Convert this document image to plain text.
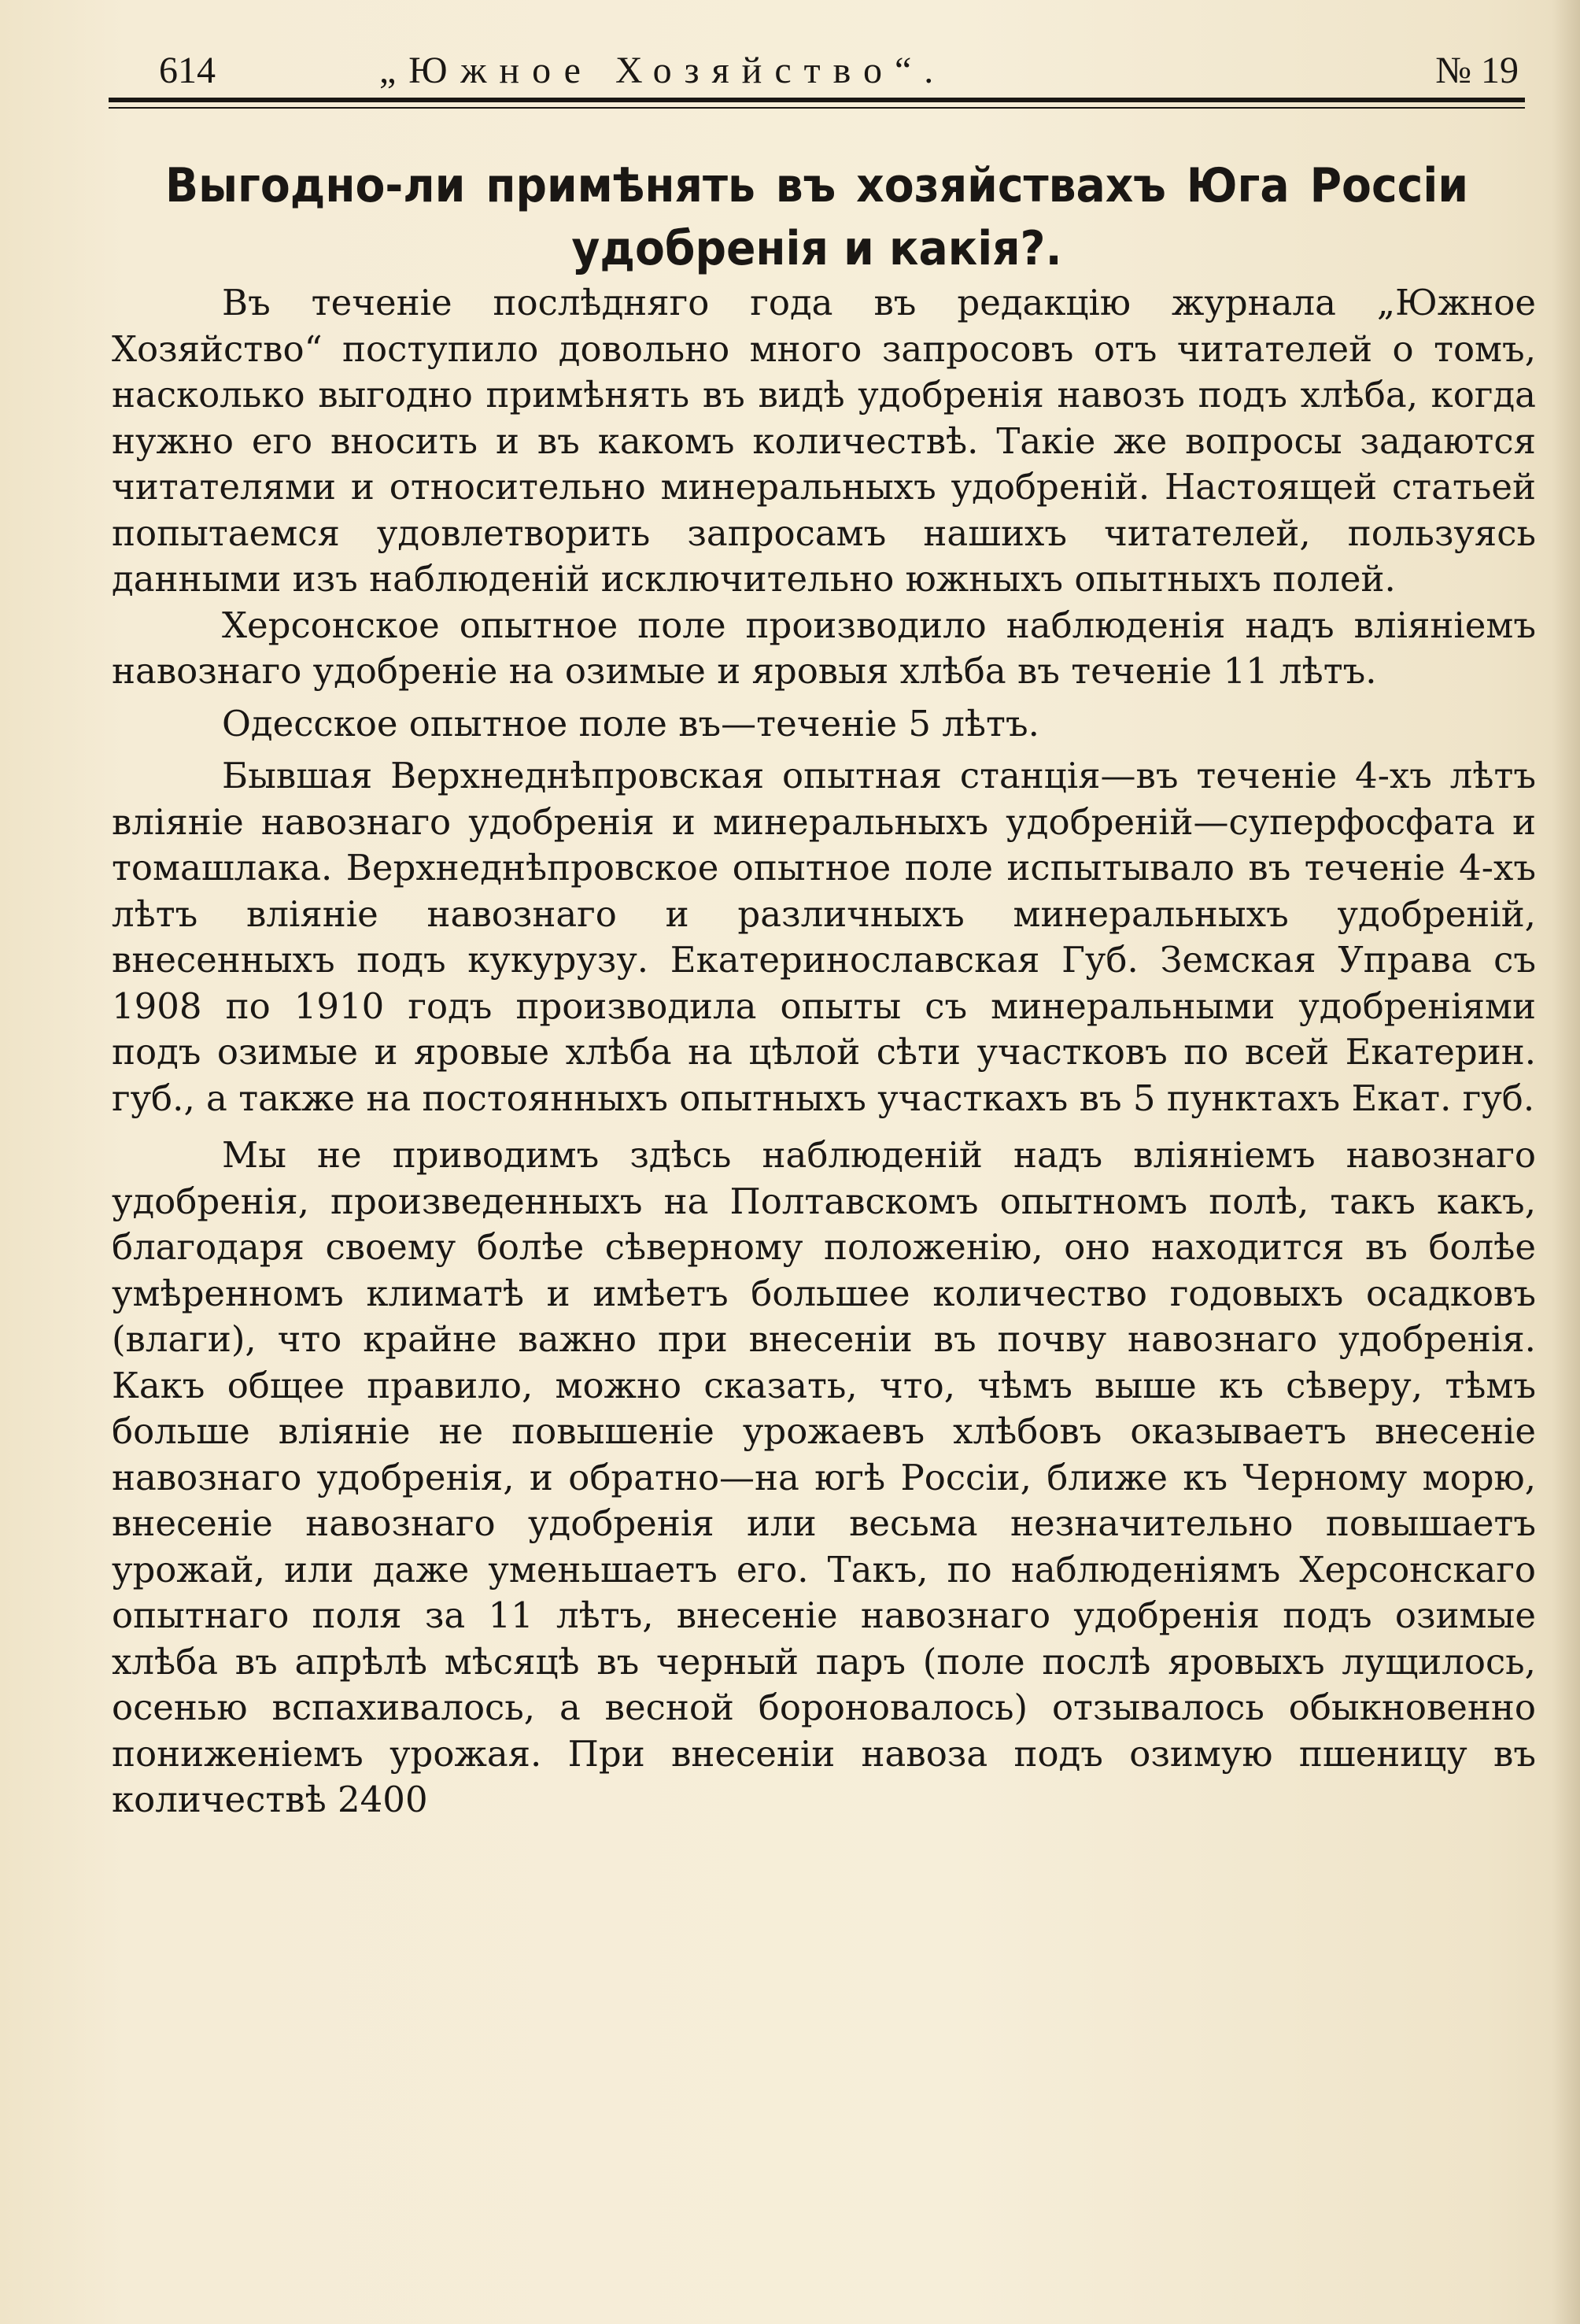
614	„Южное Хозяйство“.	№ 19
Выгодно-ли примѣнять въ хозяйствахъ Юга Россiи
удобренiя и какiя?.

Въ теченiе послѣдняго года въ редакцiю журнала „Южное Хозяйство“ поступило довольно много запросовъ отъ читателей о томъ, насколько выгодно примѣнять въ видѣ удобренiя навозъ подъ хлѣба, когда нужно его вносить и въ какомъ количествѣ. Такiе же вопросы задаются читателями и относительно минеральныхъ удобренiй. Настоящей статьей попытаемся удовлетворить запросамъ нашихъ читателей, пользуясь данными изъ наблюденiй исключительно южныхъ опытныхъ полей.

Херсонское опытное поле производило наблюденiя надъ влiянiемъ навознаго удобренiе на озимые и яровыя хлѣба въ теченiе 11 лѣтъ.

Одесское опытное поле въ—теченiе 5 лѣтъ.

Бывшая Верхнеднѣпровская опытная станцiя—въ теченiе 4-хъ лѣтъ влiянiе навознаго удобренiя и минеральныхъ удобренiй—суперфосфата и томашлака. Верхнеднѣпровское опытное поле испытывало въ теченiе 4-хъ лѣтъ влiянiе навознаго и различныхъ минеральныхъ удобренiй, внесенныхъ подъ кукурузу. Екатеринославская Губ. Земская Управа съ 1908 по 1910 годъ производила опыты съ минеральными удобренiями подъ озимые и яровые хлѣба на цѣлой сѣти участковъ по всей Екатерин. губ., а также на постоянныхъ опытныхъ участкахъ въ 5 пунктахъ Екат. губ.

Мы не приводимъ здѣсь наблюденiй надъ влiянiемъ навознаго удобренiя, произведенныхъ на Полтавскомъ опытномъ полѣ, такъ какъ, благодаря своему болѣе сѣверному положенiю, оно находится въ болѣе умѣренномъ климатѣ и имѣетъ большее количество годовыхъ осадковъ (влаги), что крайне важно при внесенiи въ почву навознаго удобренiя. Какъ общее правило, можно сказать, что, чѣмъ выше къ сѣверу, тѣмъ больше влiянiе не повышенiе урожаевъ хлѣбовъ оказываетъ внесенiе навознаго удобренiя, и обратно—на югѣ Россiи, ближе къ Черному морю, внесенiе навознаго удобренiя или весьма незначительно повышаетъ урожай, или даже уменьшаетъ его. Такъ, по наблюденiямъ Херсонскаго опытнаго поля за 11 лѣтъ, внесенiе навознаго удобренiя подъ озимые хлѣба въ апрѣлѣ мѣсяцѣ въ черный паръ (поле послѣ яровыхъ лущилось, осенью вспахивалось, а весной бороновалось) отзывалось обыкновенно пониженiемъ урожая. При внесенiи навоза подъ озимую пшеницу въ количествѣ 2400
